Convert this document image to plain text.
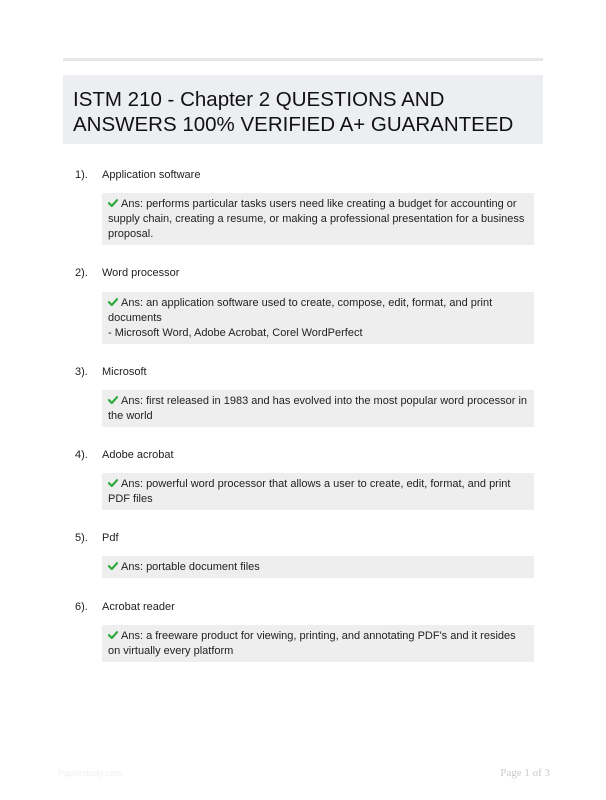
ISTM 210 - Chapter 2 QUESTIONS AND ANSWERS 100% VERIFIED A+ GUARANTEED
1). Application software
Ans: performs particular tasks users need like creating a budget for accounting or supply chain, creating a resume, or making a professional presentation for a business proposal.
2). Word processor
Ans: an application software used to create, compose, edit, format, and print documents
- Microsoft Word, Adobe Acrobat, Corel WordPerfect
3). Microsoft
Ans: first released in 1983 and has evolved into the most popular word processor in the world
4). Adobe acrobat
Ans: powerful word processor that allows a user to create, edit, format, and print PDF files
5). Pdf
Ans: portable document files
6). Acrobat reader
Ans: a freeware product for viewing, printing, and annotating PDF's and it resides on virtually every platform
Paperstudy.com	Page 1 of 3
